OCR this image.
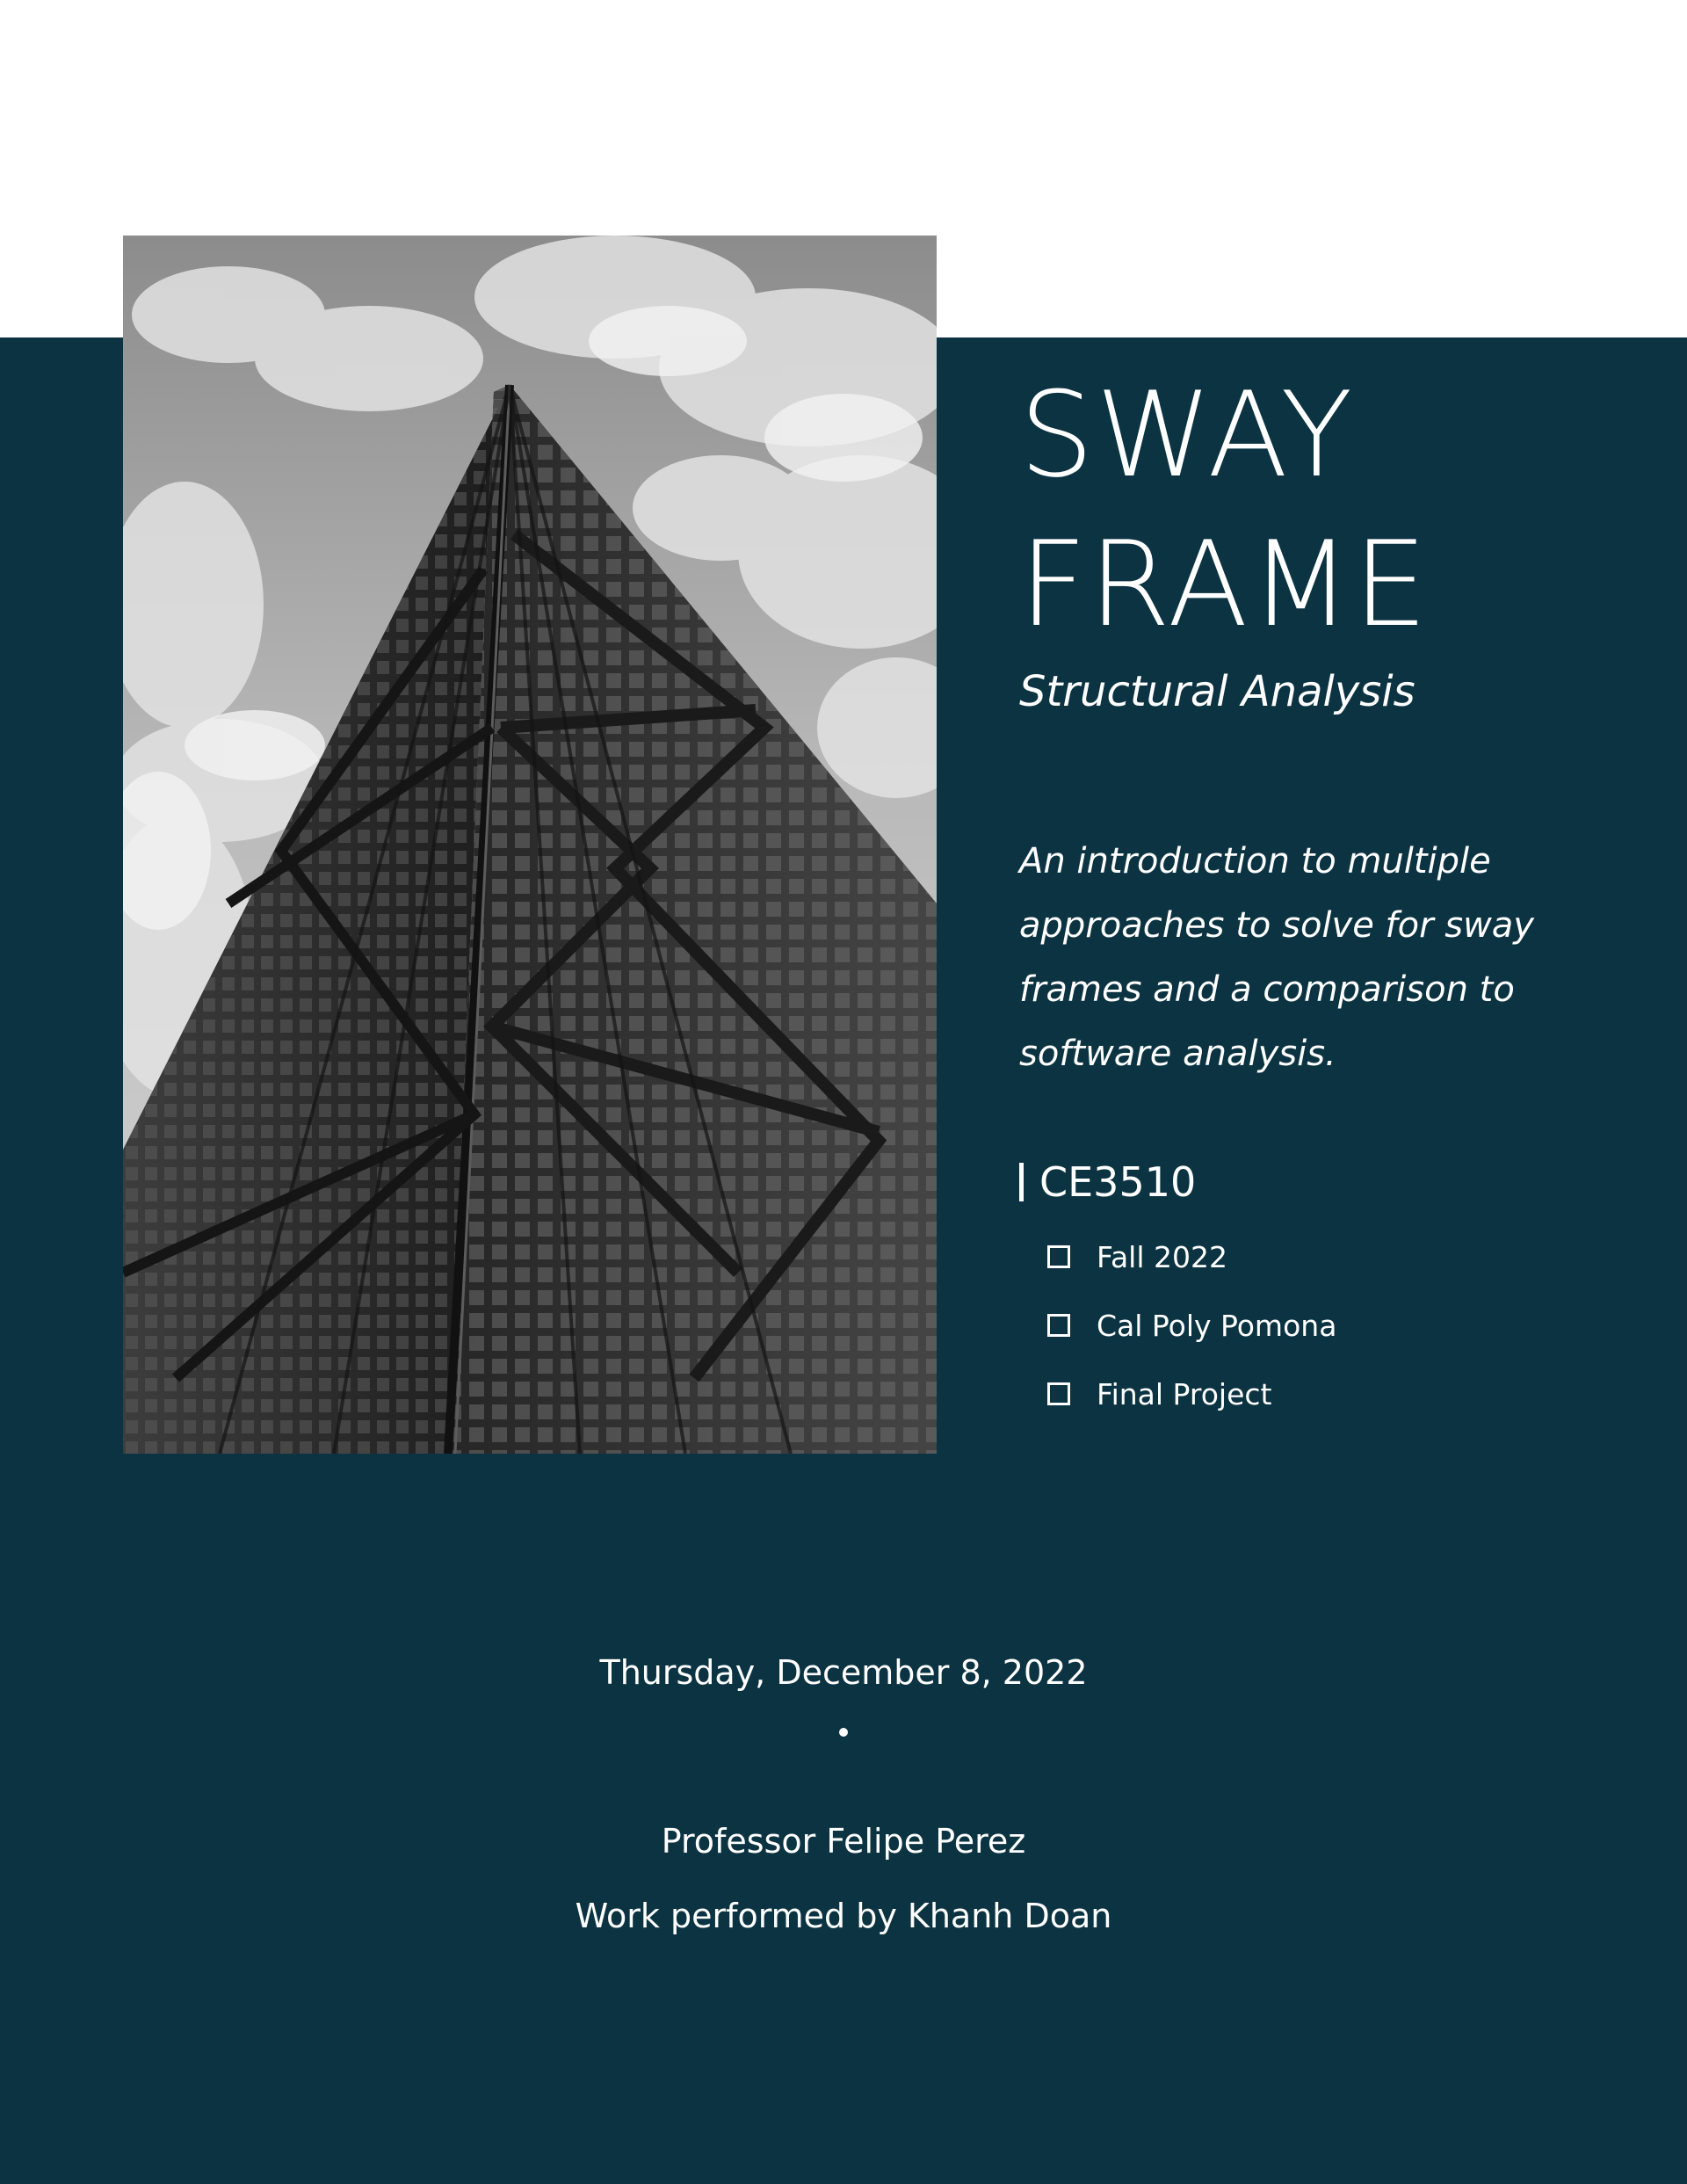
SWAY
FRAME
Structural Analysis
An introduction to multiple approaches to solve for sway frames and a comparison to software analysis.
CE3510
Fall 2022
Cal Poly Pomona
Final Project
Thursday, December 8, 2022
Professor Felipe Perez
Work performed by Khanh Doan
